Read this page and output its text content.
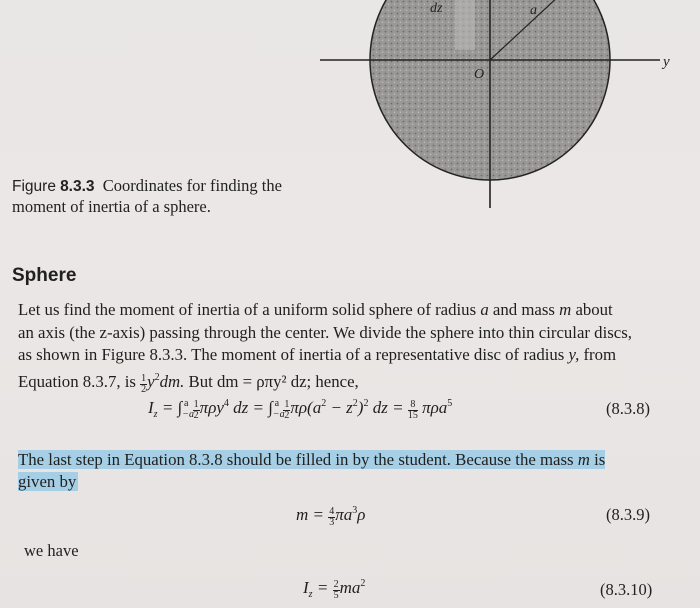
dz	a
O
y
Figure 8.3.3 Coordinates for finding the moment of inertia of a sphere.
Sphere
Let us find the moment of inertia of a uniform solid sphere of radius a and mass m about
an axis (the z-axis) passing through the center. We divide the sphere into thin circular discs,
as shown in Figure 8.3.3. The moment of inertia of a representative disc of radius y, from
Equation 8.3.7, is $\frac{1}{2} y^2dm$. But dm = ρπy² dz; hence,
$I_z = \int_{-a}^a \frac{1}{2} \pi\rho y^4$ dz = $\int_{-a}^a \frac{1}{2} \pi\rho(a^2 - z^2)^2$ dz = $\frac{8}{15} \pi\rho a^5$	(8.3.8)
The last step in Equation 8.3.8 should be filled in by the student. Because the mass m is
given by
$m = \frac{4}{3} \pi a^3\rho$	(8.3.9)
we have
$I_z = \frac{2}{5} ma^2$	(8.3.10)
